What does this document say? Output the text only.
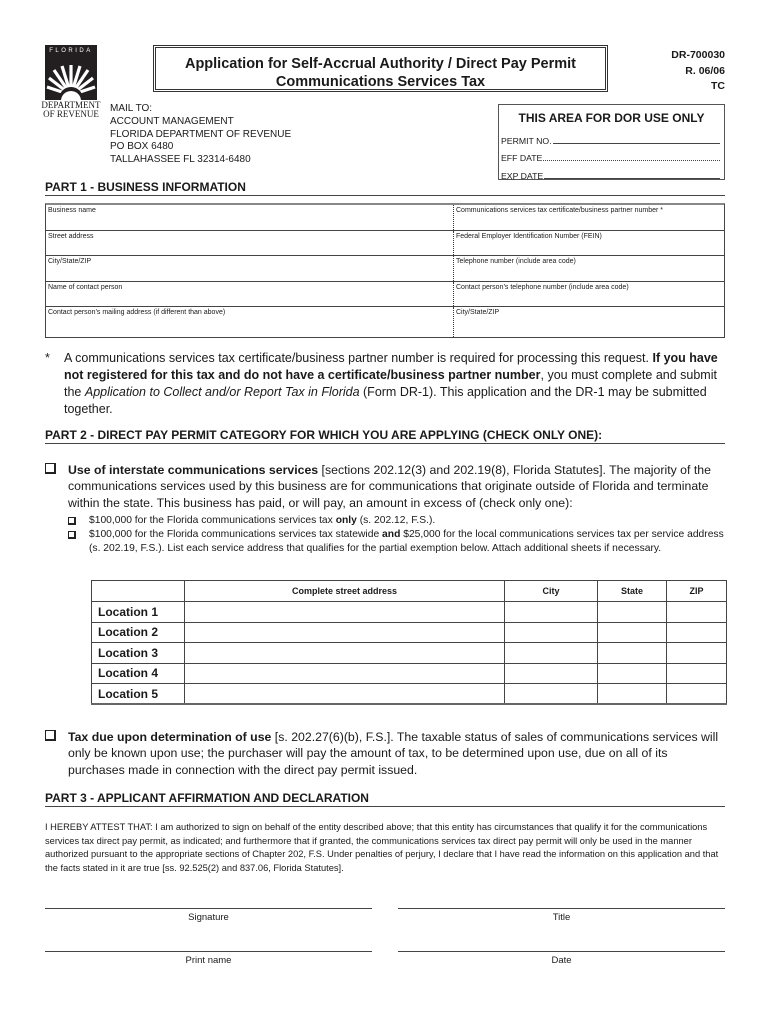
FLORIDA
DEPARTMENT
OF REVENUE
Application for Self-Accrual Authority / Direct Pay Permit
Communications Services Tax
DR-700030
R. 06/06
TC
MAIL TO:
ACCOUNT MANAGEMENT
FLORIDA DEPARTMENT OF REVENUE
PO BOX 6480
TALLAHASSEE FL 32314-6480
THIS AREA FOR DOR USE ONLY
PERMIT NO.
EFF DATE
EXP DATE
PART 1 - BUSINESS INFORMATION
Business name	Communications services tax certificate/business partner number *
Street address	Federal Employer Identification Number (FEIN)
City/State/ZIP	Telephone number (include area code)
Name of contact person	Contact person’s telephone number (include area code)
Contact person’s mailing address (if different than above)	City/State/ZIP
* A communications services tax certificate/business partner number is required for processing this request. If you have not registered for this tax and do not have a certificate/business partner number, you must complete and submit the Application to Collect and/or Report Tax in Florida (Form DR-1). This application and the DR-1 may be submitted together.
PART 2 - DIRECT PAY PERMIT CATEGORY FOR WHICH YOU ARE APPLYING (CHECK ONLY ONE):
Use of interstate communications services [sections 202.12(3) and 202.19(8), Florida Statutes]. The majority of the communications services used by this business are for communications that originate outside of Florida and terminate within the state. This business has paid, or will pay, an amount in excess of (check only one):
$100,000 for the Florida communications services tax only (s. 202.12, F.S.).
$100,000 for the Florida communications services tax statewide and $25,000 for the local communications services tax per service address (s. 202.19, F.S.). List each service address that qualifies for the partial exemption below. Attach additional sheets if necessary.
	Complete street address	City	State	ZIP
Location 1				
Location 2				
Location 3				
Location 4				
Location 5				
Tax due upon determination of use [s. 202.27(6)(b), F.S.]. The taxable status of sales of communications services will only be known upon use; the purchaser will pay the amount of tax, to be determined upon use, due on all of its purchases made in connection with the direct pay permit issued.
PART 3 - APPLICANT AFFIRMATION AND DECLARATION
I HEREBY ATTEST THAT: I am authorized to sign on behalf of the entity described above; that this entity has circumstances that qualify it for the communications services tax direct pay permit, as indicated; and furthermore that if granted, the communications services tax direct pay permit will only be used in the manner authorized pursuant to the appropriate sections of Chapter 202, F.S. Under penalties of perjury, I declare that I have read the information on this application and that the facts stated in it are true [ss. 92.525(2) and 837.06, Florida Statutes].
Signature	Title
Print name	Date
